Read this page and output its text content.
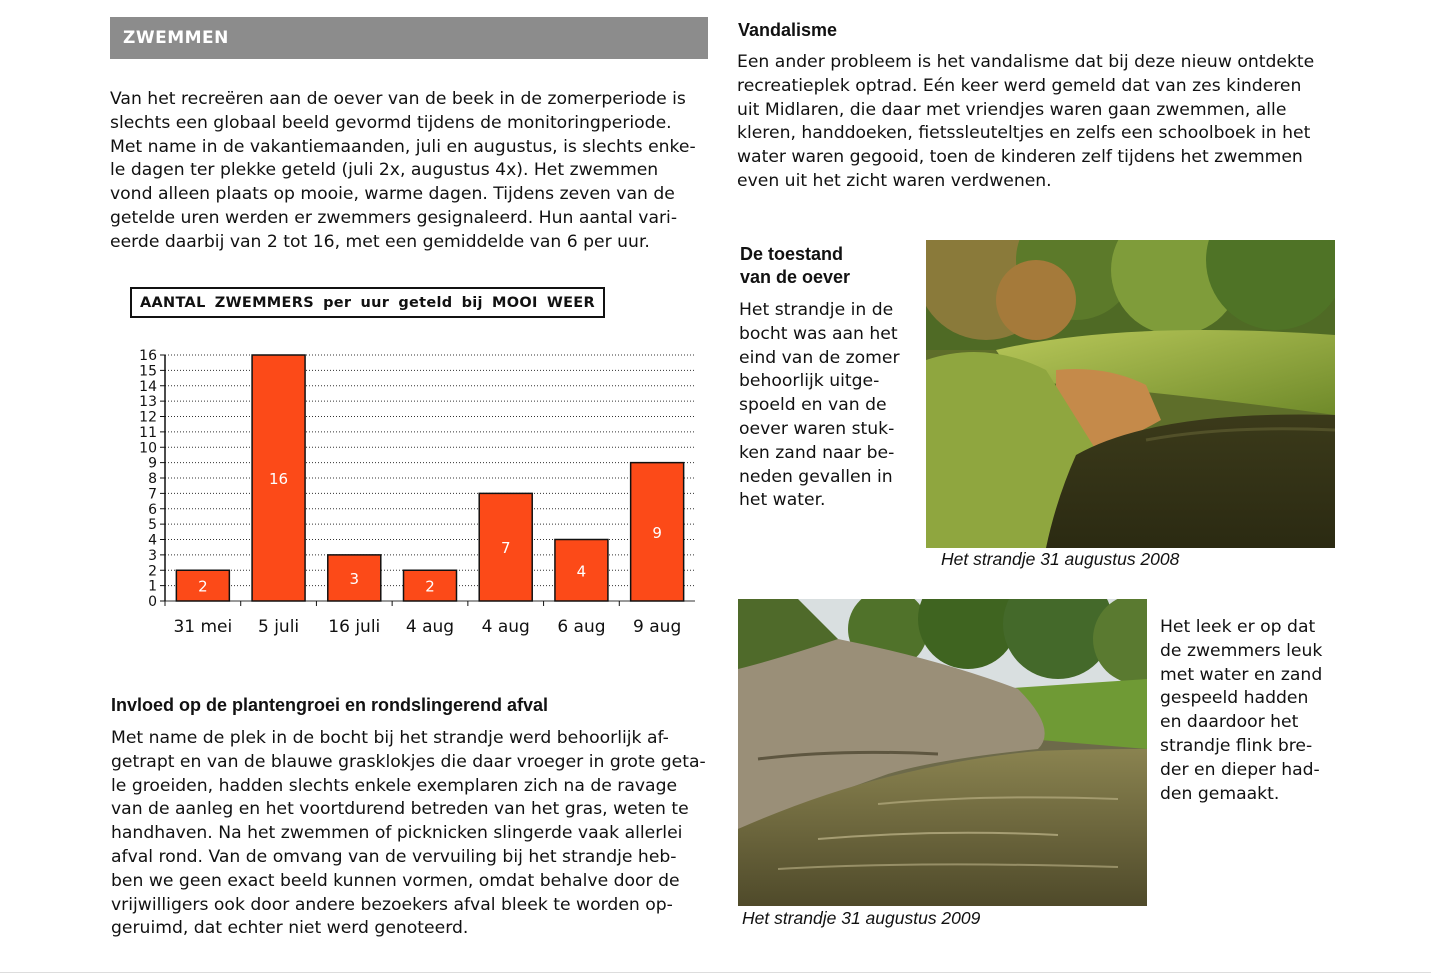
ZWEMMEN
Van het recreëren aan de oever van de beek in de zomerperiode is
slechts een globaal beeld gevormd tijdens de monitoringperiode.
Met name in de vakantiemaanden, juli en augustus, is slechts enke-
le dagen ter plekke geteld (juli 2x, augustus 4x). Het zwemmen
vond alleen plaats op mooie, warme dagen. Tijdens zeven van de
getelde uren werden er zwemmers gesignaleerd. Hun aantal vari-
eerde daarbij van 2 tot 16, met een gemiddelde van 6 per uur.
AANTAL ZWEMMERS per uur geteld bij MOOI WEER
0
1
2
3
4
5
6
7
8
9
10
11
12
13
14
15
16
2
31 mei
16
5 juli
3
16 juli
2
4 aug
7
4 aug
4
6 aug
9
9 aug
Invloed op de plantengroei en rondslingerend afval
Met name de plek in de bocht bij het strandje werd behoorlijk af-
getrapt en van de blauwe grasklokjes die daar vroeger in grote geta-
le groeiden, hadden slechts enkele exemplaren zich na de ravage
van de aanleg en het voortdurend betreden van het gras, weten te
handhaven. Na het zwemmen of picknicken slingerde vaak allerlei
afval rond. Van de omvang van de vervuiling bij het strandje heb-
ben we geen exact beeld kunnen vormen, omdat behalve door de
vrijwilligers ook door andere bezoekers afval bleek te worden op-
geruimd, dat echter niet werd genoteerd.
Vandalisme
Een ander probleem is het vandalisme dat bij deze nieuw ontdekte
recreatieplek optrad. Eén keer werd gemeld dat van zes kinderen
uit Midlaren, die daar met vriendjes waren gaan zwemmen, alle
kleren, handdoeken, fietssleuteltjes en zelfs een schoolboek in het
water waren gegooid, toen de kinderen zelf tijdens het zwemmen
even uit het zicht waren verdwenen.
De toestand
van de oever
Het strandje in de
bocht was aan het
eind van de zomer
behoorlijk uitge-
spoeld en van de
oever waren stuk-
ken zand naar be-
neden gevallen in
het water.
Het strandje 31 augustus 2008
Het strandje 31 augustus 2009
Het leek er op dat
de zwemmers leuk
met water en zand
gespeeld hadden
en daardoor het
strandje flink bre-
der en dieper had-
den gemaakt.
